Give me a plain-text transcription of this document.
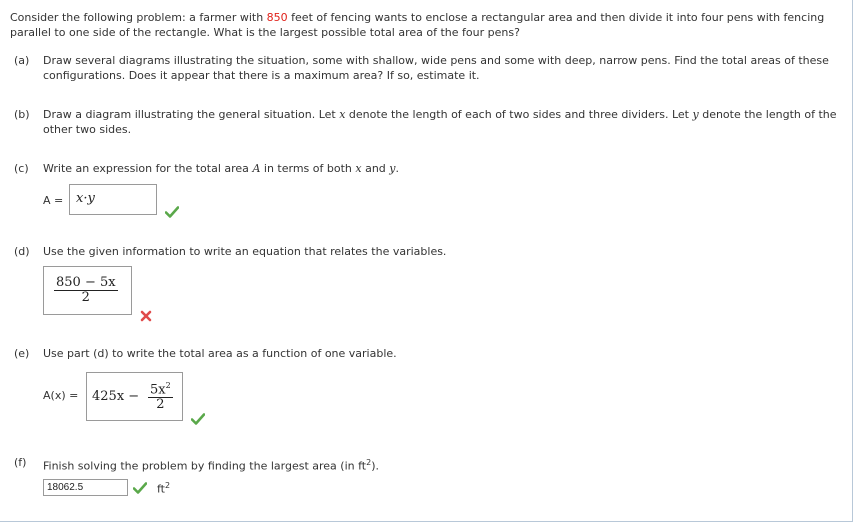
Consider the following problem: a farmer with 850 feet of fencing wants to enclose a rectangular area and then divide it into four pens with fencing parallel to one side of the rectangle. What is the largest possible total area of the four pens?
(a)	Draw several diagrams illustrating the situation, some with shallow, wide pens and some with deep, narrow pens. Find the total areas of these configurations. Does it appear that there is a maximum area? If so, estimate it.
(b)	Draw a diagram illustrating the general situation. Let x denote the length of each of two sides and three dividers. Let y denote the length of the other two sides.
(c)	Write an expression for the total area A in terms of both x and y.
A = x·y
(d)	Use the given information to write an equation that relates the variables.
$\frac{850 - 5x}{2}$
(e)	Use part (d) to write the total area as a function of one variable.
$A(x) = 425x - \frac{5x^2}{2}$
(f)	Finish solving the problem by finding the largest area (in $ft^2$).
18062.5
$ft^2$
